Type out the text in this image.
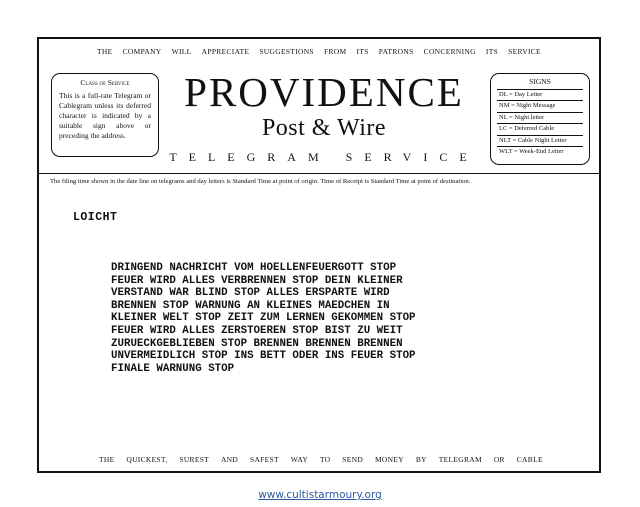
THE COMPANY WILL APPRECIATE SUGGESTIONS FROM ITS PATRONS CONCERNING ITS SERVICE
Class of Service
This is a full-rate Telegram or Cablegram unless its deferred character is indicated by a suitable sign above or preceding the address.
PROVIDENCE
Post & Wire
TELEGRAM SERVICE
SIGNS
DL = Day Letter
NM = Night Message
NL = Night letter
LC = Deferred Cable
NLT = Cable Night Letter
WLT = Week-End Letter
The filing time shown in the date line on telegrams and day letters is Standard Time at point of origin. Time of Receipt is Standard Time at point of destination.
LOICHT
DRINGEND NACHRICHT VOM HOELLENFEUERGOTT STOP
FEUER WIRD ALLES VERBRENNEN STOP DEIN KLEINER
VERSTAND WAR BLIND STOP ALLES ERSPARTE WIRD
BRENNEN STOP WARNUNG AN KLEINES MAEDCHEN IN
KLEINER WELT STOP ZEIT ZUM LERNEN GEKOMMEN STOP
FEUER WIRD ALLES ZERSTOEREN STOP BIST ZU WEIT
ZURUECKGEBLIEBEN STOP BRENNEN BRENNEN BRENNEN
UNVERMEIDLICH STOP INS BETT ODER INS FEUER STOP
FINALE WARNUNG STOP
THE QUICKEST, SUREST AND SAFEST WAY TO SEND MONEY BY TELEGRAM OR CABLE
www.cultistarmoury.org
